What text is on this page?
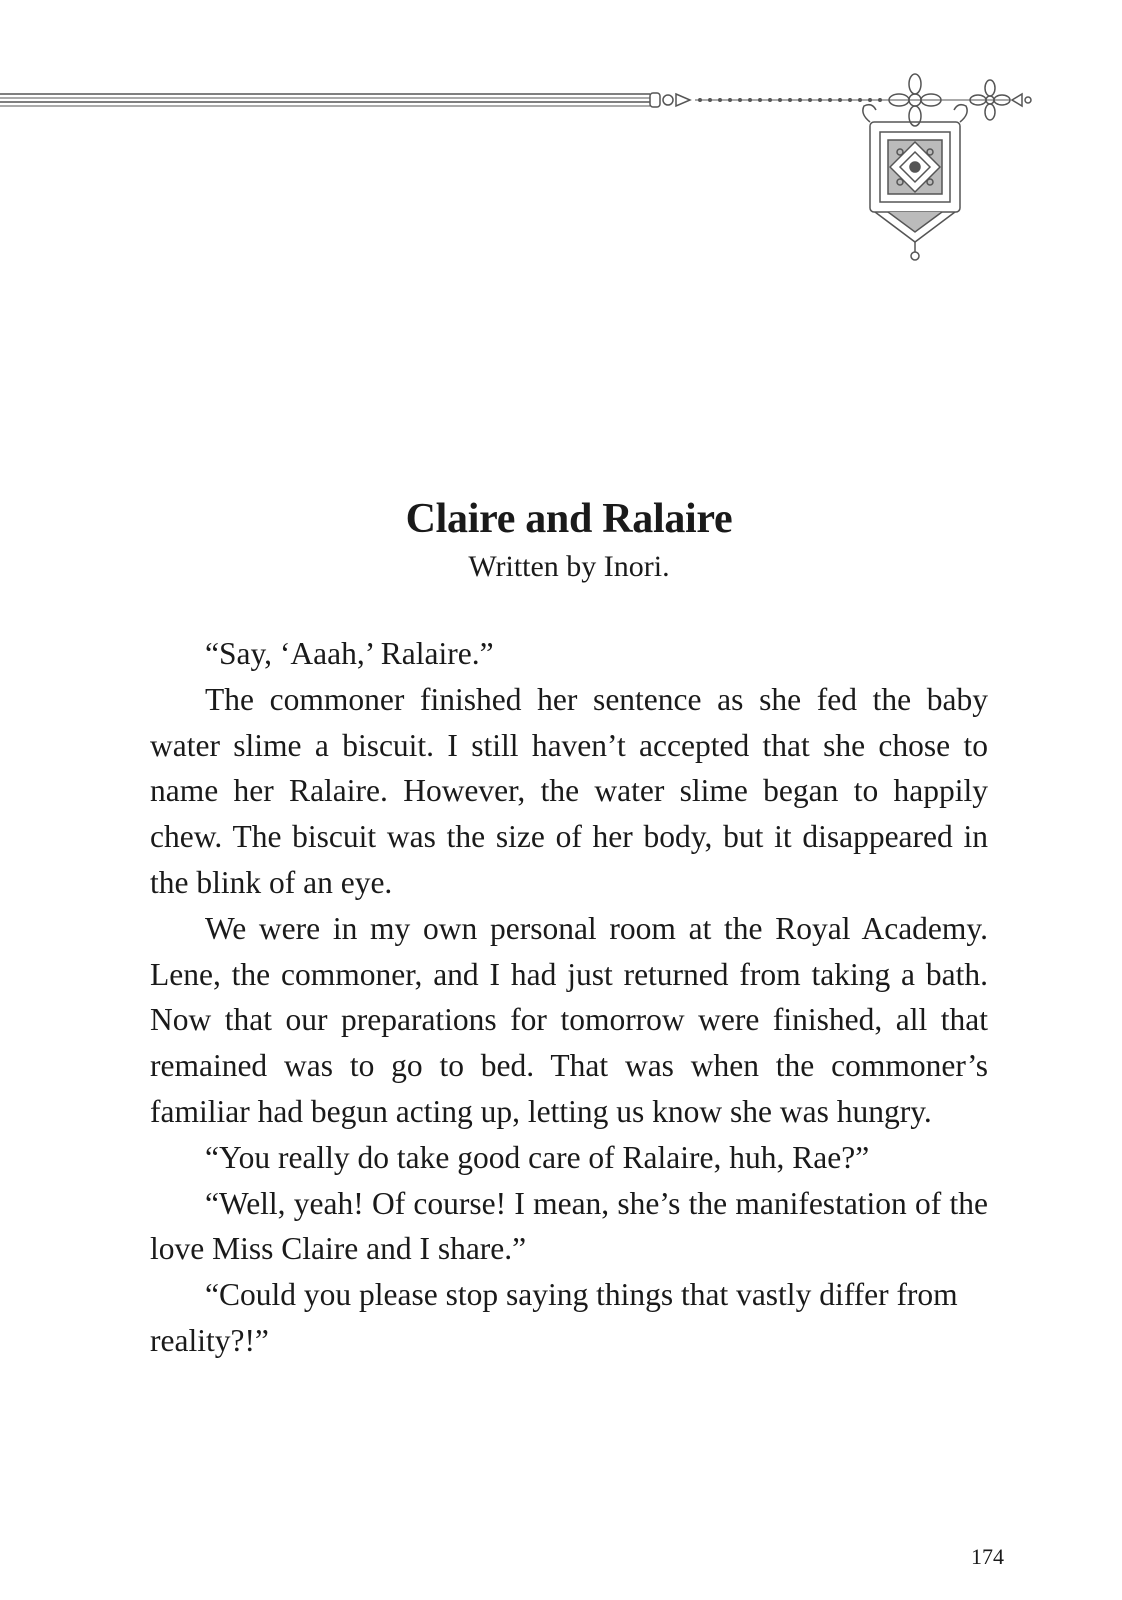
Claire and Ralaire

Written by Inori.

“Say, ‘Aaah,’ Ralaire.”

The commoner finished her sentence as she fed the baby water slime a biscuit. I still haven’t accepted that she chose to name her Ralaire. However, the water slime began to happily chew. The biscuit was the size of her body, but it disappeared in the blink of an eye.

We were in my own personal room at the Royal Academy. Lene, the commoner, and I had just returned from taking a bath. Now that our preparations for tomorrow were finished, all that remained was to go to bed. That was when the commoner’s familiar had begun acting up, letting us know she was hungry.

“You really do take good care of Ralaire, huh, Rae?”

“Well, yeah! Of course! I mean, she’s the manifestation of the love Miss Claire and I share.”

“Could you please stop saying things that vastly differ from reality?!”

174
